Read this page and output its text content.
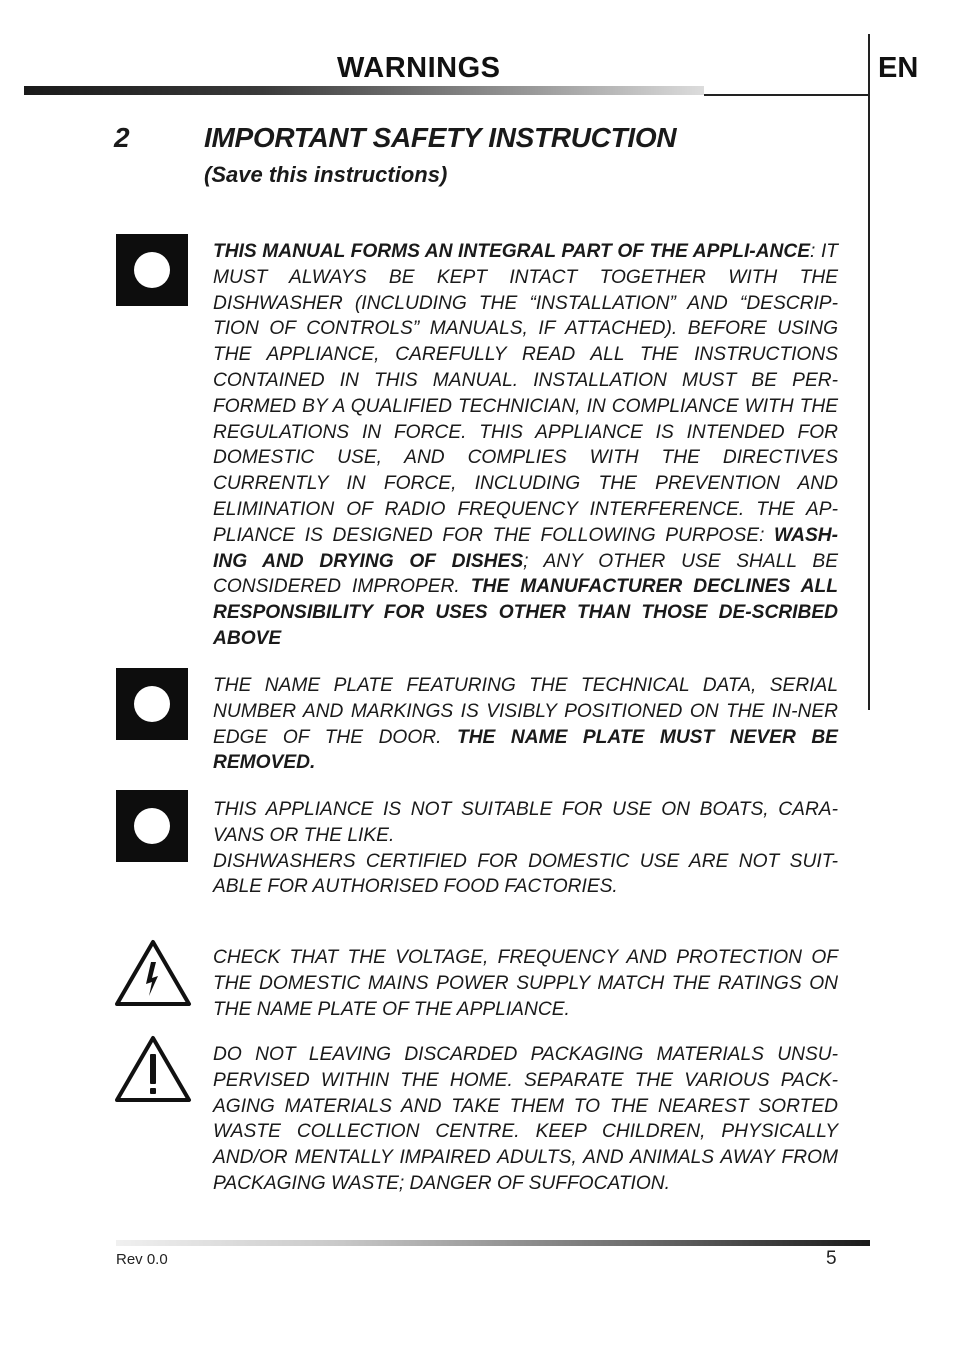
WARNINGS	EN
2	IMPORTANT SAFETY INSTRUCTION
(Save this instructions)
THIS MANUAL FORMS AN INTEGRAL PART OF THE APPLI-ANCE: IT MUST ALWAYS BE KEPT INTACT TOGETHER WITH THE DISHWASHER (INCLUDING THE “INSTALLATION” AND “DESCRIP-TION OF CONTROLS” MANUALS, IF ATTACHED). BEFORE USING THE APPLIANCE, CAREFULLY READ ALL THE INSTRUCTIONS CONTAINED IN THIS MANUAL. INSTALLATION MUST BE PER-FORMED BY A QUALIFIED TECHNICIAN, IN COMPLIANCE WITH THE REGULATIONS IN FORCE. THIS APPLIANCE IS INTENDED FOR DOMESTIC USE, AND COMPLIES WITH THE DIRECTIVES CURRENTLY IN FORCE, INCLUDING THE PREVENTION AND ELIMINATION OF RADIO FREQUENCY INTERFERENCE. THE AP-PLIANCE IS DESIGNED FOR THE FOLLOWING PURPOSE: WASH-ING AND DRYING OF DISHES; ANY OTHER USE SHALL BE CONSIDERED IMPROPER. THE MANUFACTURER DECLINES ALL RESPONSIBILITY FOR USES OTHER THAN THOSE DE-SCRIBED ABOVE
THE NAME PLATE FEATURING THE TECHNICAL DATA, SERIAL NUMBER AND MARKINGS IS VISIBLY POSITIONED ON THE IN-NER EDGE OF THE DOOR. THE NAME PLATE MUST NEVER BE REMOVED.
THIS APPLIANCE IS NOT SUITABLE FOR USE ON BOATS, CARA-VANS OR THE LIKE.
DISHWASHERS CERTIFIED FOR DOMESTIC USE ARE NOT SUIT-ABLE FOR AUTHORISED FOOD FACTORIES.
CHECK THAT THE VOLTAGE, FREQUENCY AND PROTECTION OF THE DOMESTIC MAINS POWER SUPPLY MATCH THE RATINGS ON THE NAME PLATE OF THE APPLIANCE.
DO NOT LEAVING DISCARDED PACKAGING MATERIALS UNSU-PERVISED WITHIN THE HOME. SEPARATE THE VARIOUS PACK-AGING MATERIALS AND TAKE THEM TO THE NEAREST SORTED WASTE COLLECTION CENTRE. KEEP CHILDREN, PHYSICALLY AND/OR MENTALLY IMPAIRED ADULTS, AND ANIMALS AWAY FROM PACKAGING WASTE; DANGER OF SUFFOCATION.
Rev 0.0	5
